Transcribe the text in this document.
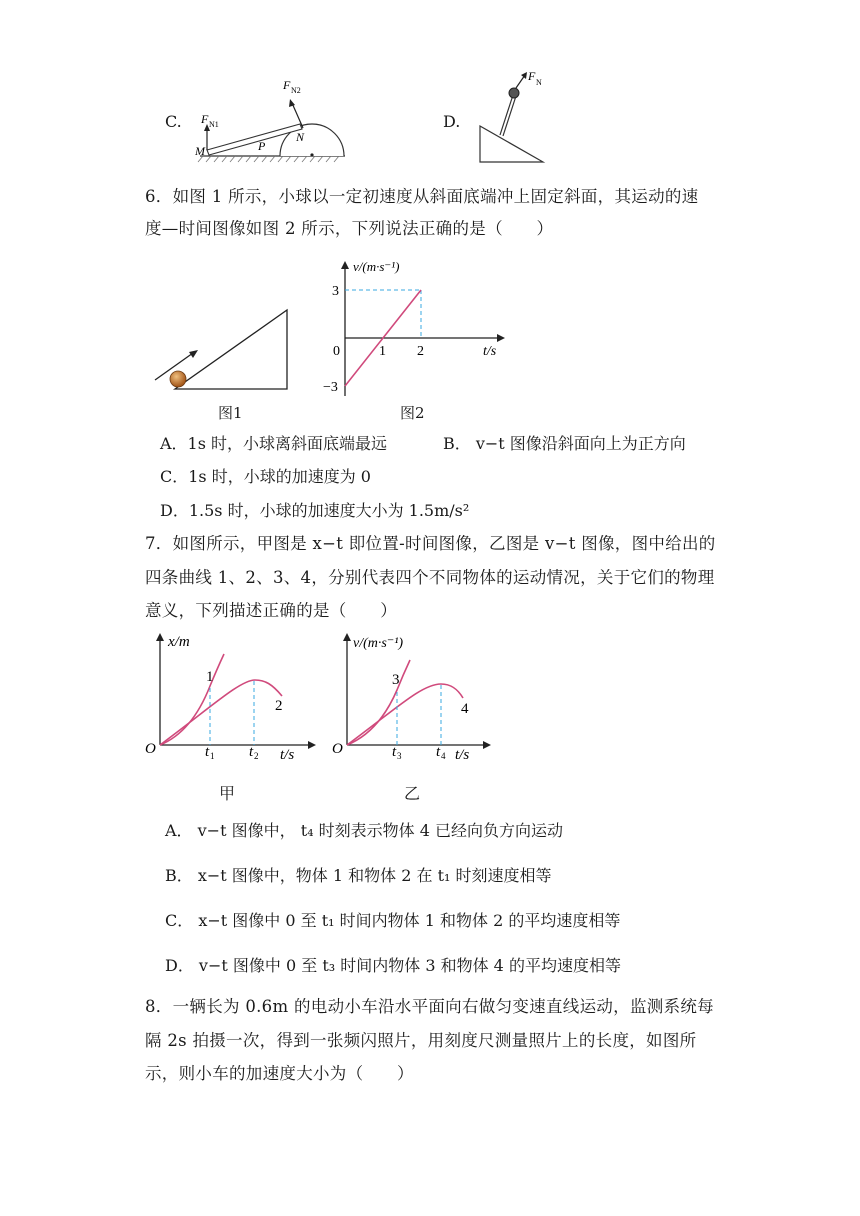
C. F N1
F N2
M	P
N
D.
F N
6．如图 1 所示，小球以一定初速度从斜面底端冲上固定斜面，其运动的速
度—时间图像如图 2 所示，下列说法正确的是（　　）
图1
v/(m·s⁻¹)
t/s
0	1 2
3
−3
图2
A．1s 时，小球离斜面底端最远	B． v−t 图像沿斜面向上为正方向
C．1s 时，小球的加速度为 0
D．1.5s 时，小球的加速度大小为 1.5m/s²
7．如图所示，甲图是 x−t 即位置-时间图像，乙图是 v−t 图像，图中给出的
四条曲线 1、2、3、4，分别代表四个不同物体的运动情况，关于它们的物理
意义，下列描述正确的是（　　）
x/m
O
1
2
t 1 t 2 t/s
甲
v/(m·s⁻¹)
O
3
4
t 3 t 4 t/s
乙
A． v−t 图像中， t₄ 时刻表示物体 4 已经向负方向运动
B． x−t 图像中，物体 1 和物体 2 在 t₁ 时刻速度相等
C． x−t 图像中 0 至 t₁ 时间内物体 1 和物体 2 的平均速度相等
D． v−t 图像中 0 至 t₃ 时间内物体 3 和物体 4 的平均速度相等
8．一辆长为 0.6m 的电动小车沿水平面向右做匀变速直线运动，监测系统每
隔 2s 拍摄一次，得到一张频闪照片，用刻度尺测量照片上的长度，如图所
示，则小车的加速度大小为（　　）
